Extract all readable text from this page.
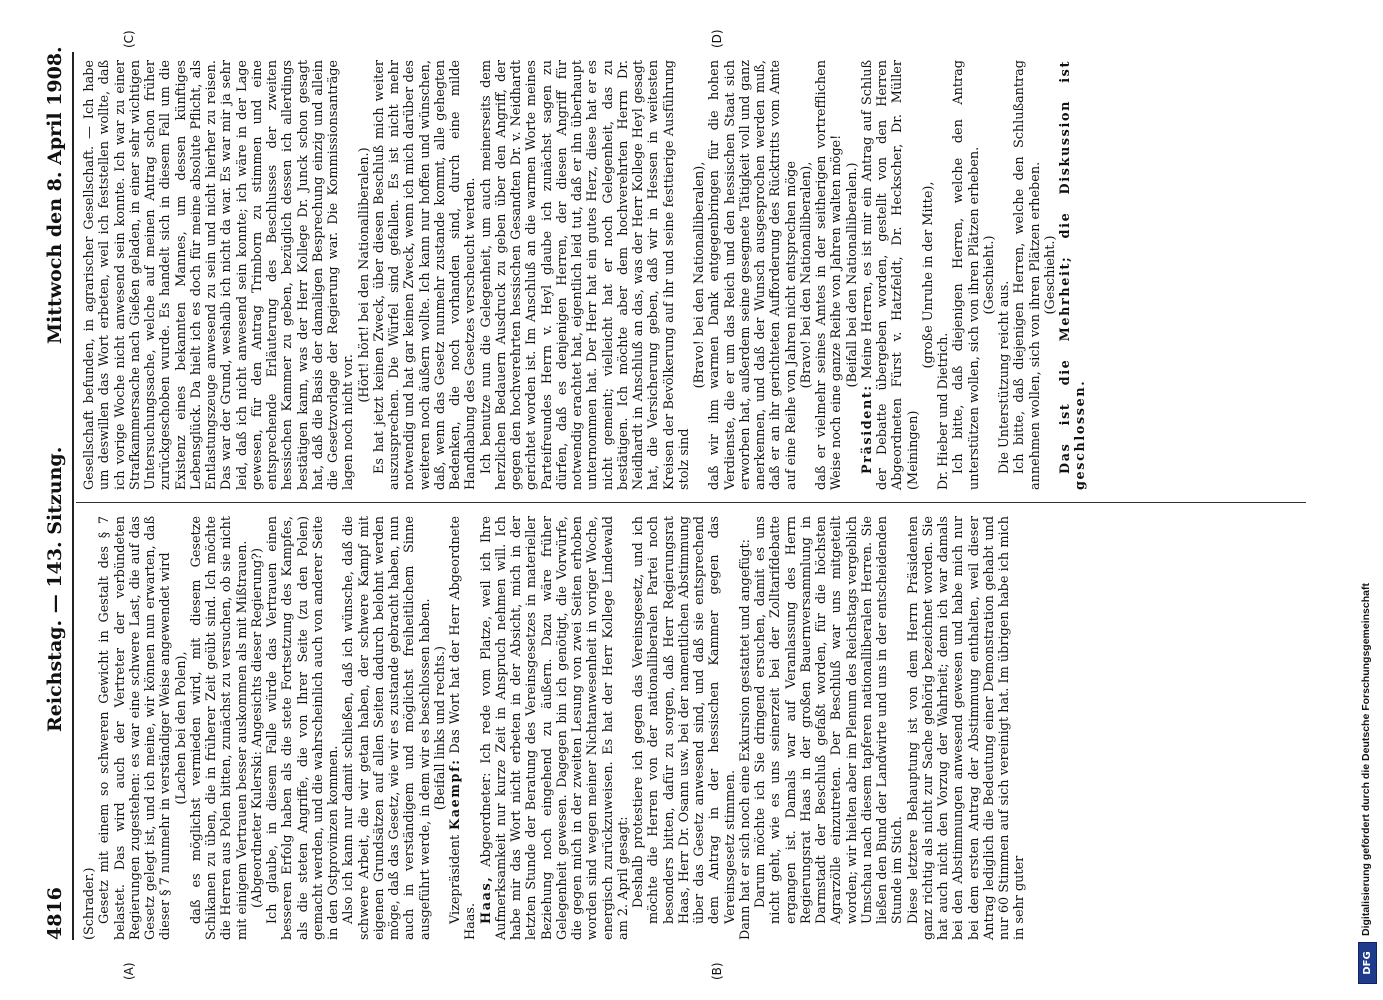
4816
Reichstag. — 143. Sitzung.
Mittwoch den 8. April 1908.
(A)	(B)
(C)	(D)

(Schrader.) Gesetz mit einem so schweren Gewicht in Gestalt des § 7 belastet. Das wird auch der Vertreter der verbündeten Regierungen zugestehen: es war eine schwere Last, die auf das Gesetz gelegt ist, und ich meine, wir können nun erwarten, daß dieser § 7 nunmehr in verständiger Weise angewendet wird (Lachen bei den Polen), daß es möglichst vermieden wird, mit diesem Gesetze Schikanen zu üben, die in früherer Zeit geübt sind. Ich möchte die Herren aus Polen bitten, zunächst zu versuchen, ob sie nicht mit einigem Vertrauen besser auskommen als mit Mißtrauen. (Abgeordneter Kulerski: Angesichts dieser Regierung?) Ich glaube, in diesem Falle würde das Vertrauen einen besseren Erfolg haben als die stete Fortsetzung des Kampfes, als die steten Angriffe, die von Ihrer Seite (zu den Polen) gemacht werden, und die wahrscheinlich auch von anderer Seite in den Ostprovinzen kommen. Also ich kann nur damit schließen, daß ich wünsche, daß die schwere Arbeit, die wir getan haben, der schwere Kampf mit eigenen Grundsätzen auf allen Seiten dadurch belohnt werden möge, daß das Gesetz, wie wir es zustande gebracht haben, nun auch in verständigem und möglichst freiheitlichem Sinne ausgeführt werde, in dem wir es beschlossen haben. (Beifall links und rechts.)

Vizepräsident Kaempf: Das Wort hat der Herr Abgeordnete Haas. Haas, Abgeordneter: Ich rede vom Platze, weil ich Ihre Aufmerksamkeit nur kurze Zeit in Anspruch nehmen will. Ich habe mir das Wort nicht erbeten in der Absicht, mich in der letzten Stunde der Beratung des Vereinsgesetzes in materieller Beziehung noch eingehend zu äußern. Dazu wäre früher Gelegenheit gewesen. Dagegen bin ich genötigt, die Vorwürfe, die gegen mich in der zweiten Lesung von zwei Seiten erhoben worden sind wegen meiner Nichtanwesenheit in voriger Woche, energisch zurückzuweisen. Es hat der Herr Kollege Lindewald am 2. April gesagt: Deshalb protestiere ich gegen das Vereinsgesetz, und ich möchte die Herren von der nationalliberalen Partei noch besonders bitten, dafür zu sorgen, daß Herr Regierungsrat Haas, Herr Dr. Osann usw. bei der namentlichen Abstimmung über das Gesetz anwesend sind, und daß sie entsprechend dem Antrag in der hessischen Kammer gegen das Vereinsgesetz stimmen. Dann hat er sich noch eine Exkursion gestattet und angefügt: Darum möchte ich Sie dringend ersuchen, damit es uns nicht geht, wie es uns seinerzeit bei der Zolltarifdebatte ergangen ist. Damals war auf Veranlassung des Herrn Regierungsrat Haas in der großen Bauernversammlung in Darmstadt der Beschluß gefaßt worden, für die höchsten Agrarzölle einzutreten. Der Beschluß war uns mitgeteilt worden; wir hielten aber im Plenum des Reichstags vergeblich Umschau nach diesem tapferen nationalliberalen Herren. Sie ließen den Bund der Landwirte und uns in der entscheidenden Stunde im Stich. Diese letztere Behauptung ist von dem Herrn Präsidenten ganz richtig als nicht zur Sache gehörig bezeichnet worden. Sie hat auch nicht den Vorzug der Wahrheit; denn ich war damals bei den Abstimmungen anwesend gewesen und habe mich nur bei dem ersten Antrag der Abstimmung enthalten, weil dieser Antrag lediglich die Bedeutung einer Demonstration gehabt und nur 60 Stimmen auf sich vereinigt hat. Im übrigen habe ich mich in sehr guter

Gesellschaft befunden, in agrarischer Gesellschaft. — Ich habe um deswillen das Wort erbeten, weil ich feststellen wollte, daß ich vorige Woche nicht anwesend sein konnte. Ich war zu einer Strafkammersache nach Gießen geladen, in einer sehr wichtigen Untersuchungssache, welche auf meinen Antrag schon früher zurückgeschoben wurde. Es handelt sich in diesem Fall um die Existenz eines bekannten Mannes, um dessen künftiges Lebensglück. Da hielt ich es doch für meine absolute Pflicht, als Entlastungszeuge anwesend zu sein und nicht hierher zu reisen. Das war der Grund, weshalb ich nicht da war. Es war mir ja sehr leid, daß ich nicht anwesend sein konnte; ich wäre in der Lage gewesen, für den Antrag Trimborn zu stimmen und eine entsprechende Erläuterung des Beschlusses der zweiten hessischen Kammer zu geben, bezüglich dessen ich allerdings bestätigen kann, was der Herr Kollege Dr. Junck schon gesagt hat, daß die Basis der damaligen Besprechung einzig und allein die Gesetzvorlage der Regierung war. Die Kommissionsanträge lagen noch nicht vor.

(Hört! hört! bei den Nationalliberalen.) Es hat jetzt keinen Zweck, über diesen Beschluß mich weiter auszusprechen. Die Würfel sind gefallen. Es ist nicht mehr notwendig und hat gar keinen Zweck, wenn ich mich darüber des weiteren noch äußern wollte. Ich kann nur hoffen und wünschen, daß, wenn das Gesetz nunmehr zustande kommt, alle gehegten Bedenken, die noch vorhanden sind, durch eine milde Handhabung des Gesetzes verscheucht werden. Ich benutze nun die Gelegenheit, um auch meinerseits dem herzlichen Bedauern Ausdruck zu geben über den Angriff, der gegen den hochverehrten hessischen Gesandten Dr. v. Neidhardt gerichtet worden ist. Im Anschluß an die warmen Worte meines Parteifreundes Herrn v. Heyl glaube ich zunächst sagen zu dürfen, daß es denjenigen Herren, der diesen Angriff für notwendig erachtet hat, eigentlich leid tut, daß er ihn überhaupt unternommen hat. Der Herr hat ein gutes Herz, diese hat er es nicht gemeint; vielleicht hat er noch Gelegenheit, das zu bestätigen. Ich möchte aber dem hochverehrten Herrn Dr. Neidhardt in Anschluß an das, was der Herr Kollege Heyl gesagt hat, die Versicherung geben, daß wir in Hessen in weitesten Kreisen der Bevölkerung auf ihr und seine festtierige Ausführung stolz sind

(Bravo! bei den Nationalliberalen), daß wir ihm warmen Dank entgegenbringen für die hohen Verdienste, die er um das Reich und den hessischen Staat sich erworben hat, außerdem seine gesegnete Tätigkeit voll und ganz anerkennen, und daß der Wunsch ausgesprochen werden muß, daß er an ihr gerichteten Aufforderung des Rücktritts vom Amte auf eine Reihe von Jahren nicht entsprechen möge (Bravo! bei den Nationalliberalen), daß er vielmehr seines Amtes in der seitherigen vortrefflichen Weise noch eine ganze Reihe von Jahren walten möge! (Beifall bei den Nationalliberalen.)

Präsident: Meine Herren, es ist mir ein Antrag auf Schluß der Debatte übergeben worden, gestellt von den Herren Abgeordneten Fürst v. Hatzfeldt, Dr. Heckscher, Dr. Müller (Meiningen)

(große Unruhe in der Mitte),

Dr. Hieber und Dietrich. Ich bitte, daß diejenigen Herren, welche den Antrag unterstützen wollen, sich von ihren Plätzen erheben. (Geschieht.)

Die Unterstützung reicht aus. Ich bitte, daß diejenigen Herren, welche den Schlußantrag annehmen wollen, sich von ihren Plätzen erheben. (Geschieht.) Das ist die Mehrheit; die Diskussion ist geschlossen.

DFG
Digitalisierung gefördert durch die Deutsche Forschungsgemeinschaft
